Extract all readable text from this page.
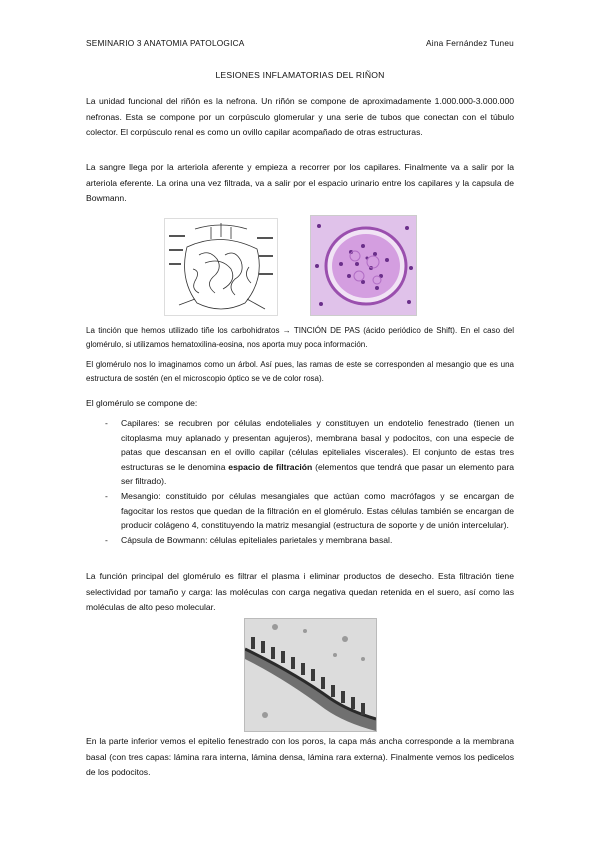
SEMINARIO 3 ANATOMIA PATOLOGICA	Aina Fernández Tuneu
LESIONES INFLAMATORIAS DEL RIÑON

La unidad funcional del riñón es la nefrona. Un riñón se compone de aproximadamente 1.000.000-3.000.000 nefronas. Esta se compone por un corpúsculo glomerular y una serie de tubos que conectan con el túbulo colector. El corpúsculo renal es como un ovillo capilar acompañado de otras estructuras.

La sangre llega por la arteriola aferente y empieza a recorrer por los capilares. Finalmente va a salir por la arteriola eferente. La orina una vez filtrada, va a salir por el espacio urinario entre los capilares y la capsula de Bowmann.

La tinción que hemos utilizado tiñe los carbohidratos → TINCIÓN DE PAS (ácido periódico de Shift). En el caso del glomérulo, si utilizamos hematoxilina-eosina, nos aporta muy poca información.

El glomérulo nos lo imaginamos como un árbol. Así pues, las ramas de este se corresponden al mesangio que es una estructura de sostén (en el microscopio óptico se ve de color rosa).

El glomérulo se compone de:

- Capilares: se recubren por células endoteliales y constituyen un endotelio fenestrado (tienen un citoplasma muy aplanado y presentan agujeros), membrana basal y podocitos, con una especie de patas que descansan en el ovillo capilar (células epiteliales viscerales). El conjunto de estas tres estructuras se le denomina espacio de filtración (elementos que tendrá que pasar un elemento para ser filtrado).
- Mesangio: constituido por células mesangiales que actúan como macrófagos y se encargan de fagocitar los restos que quedan de la filtración en el glomérulo. Estas células también se encargan de producir colágeno 4, constituyendo la matriz mesangial (estructura de soporte y de unión intercelular).
- Cápsula de Bowmann: células epiteliales parietales y membrana basal.

La función principal del glomérulo es filtrar el plasma i eliminar productos de desecho. Esta filtración tiene selectividad por tamaño y carga: las moléculas con carga negativa quedan retenida en el suero, así como las moléculas de alto peso molecular.

En la parte inferior vemos el epitelio fenestrado con los poros, la capa más ancha corresponde a la membrana basal (con tres capas: lámina rara interna, lámina densa, lámina rara externa). Finalmente vemos los pedicelos de los podocitos.
